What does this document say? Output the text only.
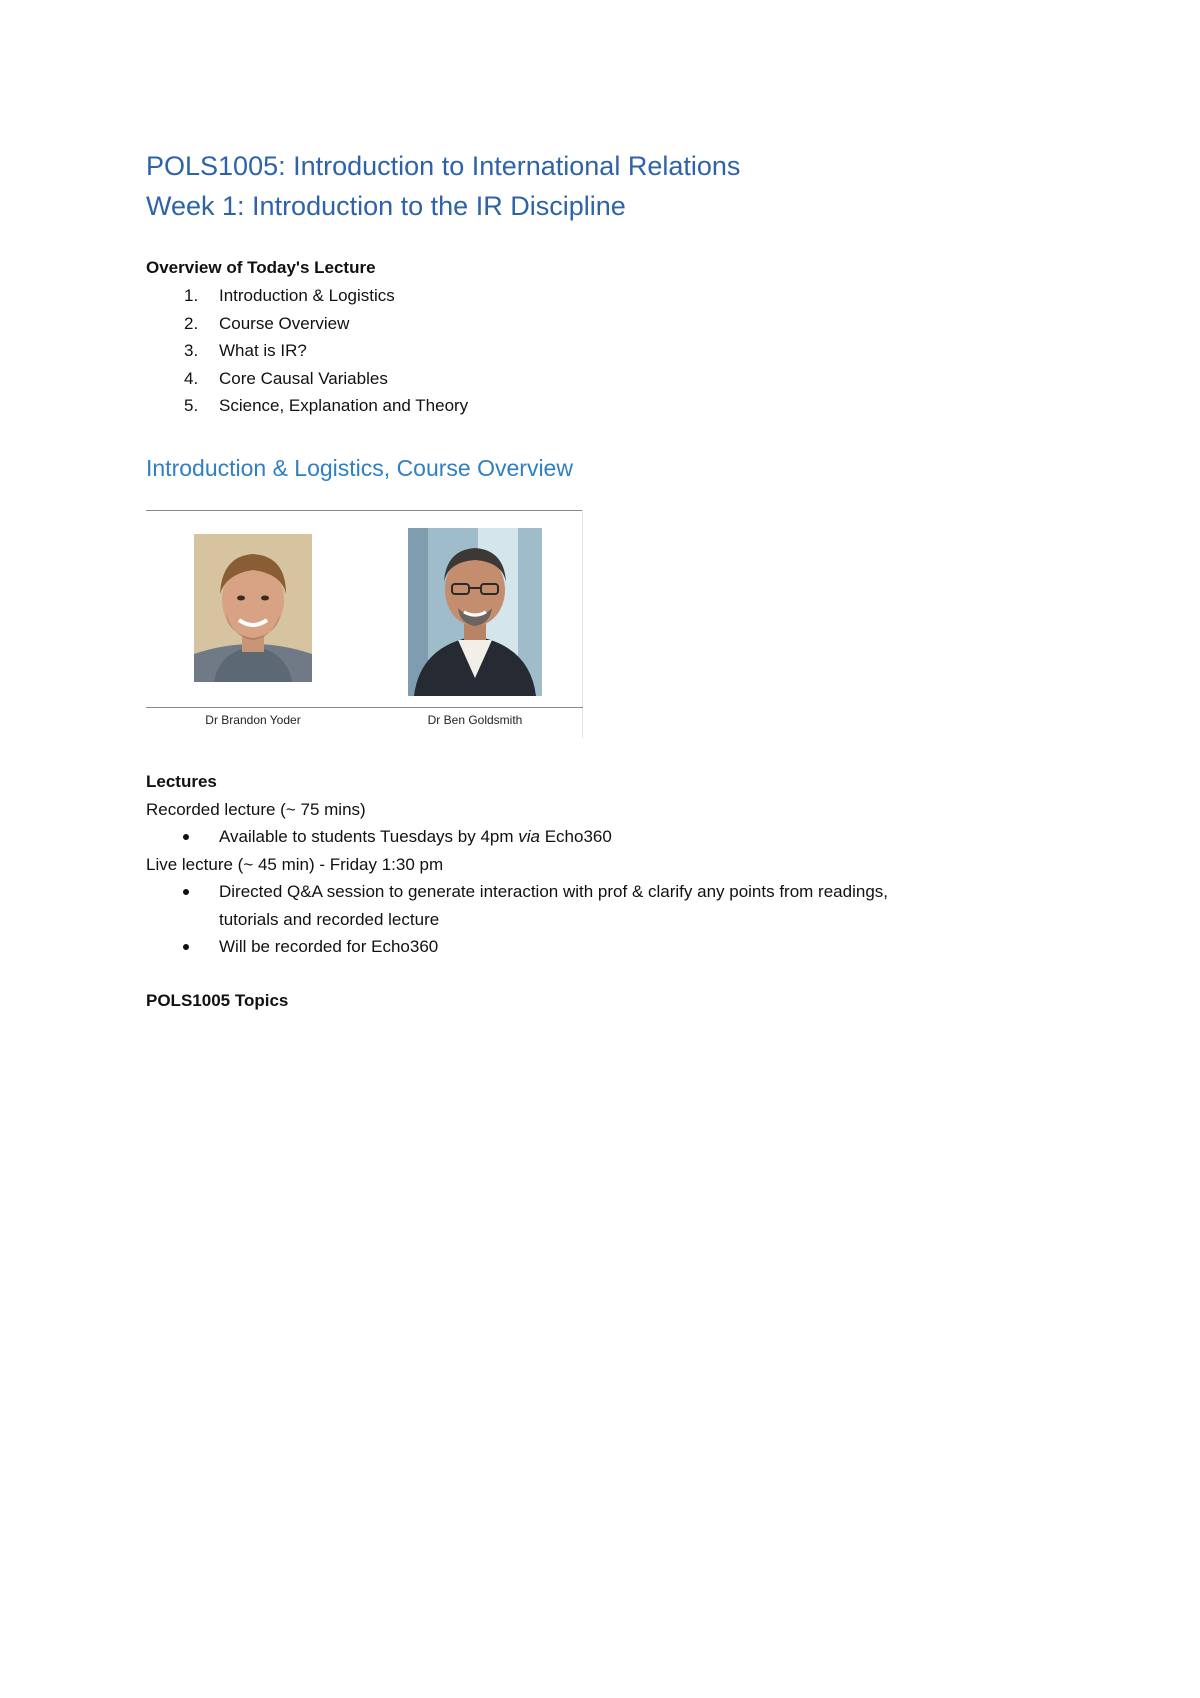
POLS1005: Introduction to International Relations
Week 1: Introduction to the IR Discipline
Overview of Today's Lecture
1. Introduction & Logistics
2. Course Overview
3. What is IR?
4. Core Causal Variables
5. Science, Explanation and Theory
Introduction & Logistics, Course Overview
Dr Brandon Yoder	Dr Ben Goldsmith
Lectures
Recorded lecture (~ 75 mins)
Available to students Tuesdays by 4pm via Echo360
Live lecture (~ 45 min) - Friday 1:30 pm
Directed Q&A session to generate interaction with prof & clarify any points from readings,
tutorials and recorded lecture
Will be recorded for Echo360
POLS1005 Topics
